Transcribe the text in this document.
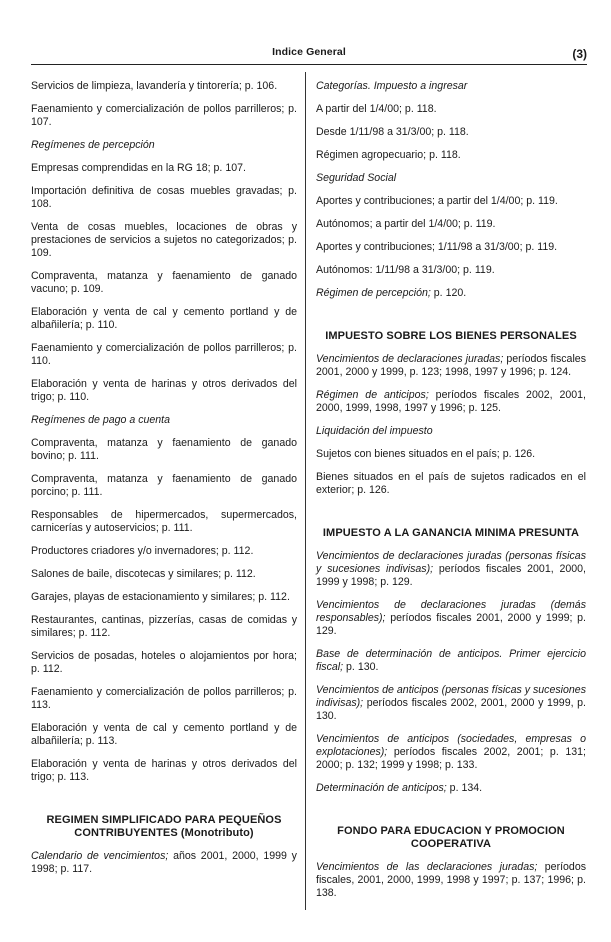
Indice General	(3)
Servicios de limpieza, lavandería y tintorería; p. 106.
Faenamiento y comercialización de pollos parrilleros; p. 107.
Regímenes de percepción
Empresas comprendidas en la RG 18; p. 107.
Importación definitiva de cosas muebles gravadas; p. 108.
Venta de cosas muebles, locaciones de obras y prestaciones de servicios a sujetos no categorizados; p. 109.
Compraventa, matanza y faenamiento de ganado vacuno; p. 109.
Elaboración y venta de cal y cemento portland y de albañilería; p. 110.
Faenamiento y comercialización de pollos parrilleros; p. 110.
Elaboración y venta de harinas y otros derivados del trigo; p. 110.
Regímenes de pago a cuenta
Compraventa, matanza y faenamiento de ganado bovino; p. 111.
Compraventa, matanza y faenamiento de ganado porcino; p. 111.
Responsables de hipermercados, supermercados, carnicerías y autoservicios; p. 111.
Productores criadores y/o invernadores; p. 112.
Salones de baile, discotecas y similares; p. 112.
Garajes, playas de estacionamiento y similares; p. 112.
Restaurantes, cantinas, pizzerías, casas de comidas y similares; p. 112.
Servicios de posadas, hoteles o alojamientos por hora; p. 112.
Faenamiento y comercialización de pollos parrilleros; p. 113.
Elaboración y venta de cal y cemento portland y de albañilería; p. 113.
Elaboración y venta de harinas y otros derivados del trigo; p. 113.
REGIMEN SIMPLIFICADO PARA PEQUEÑOS CONTRIBUYENTES (Monotributo)
Calendario de vencimientos; años 2001, 2000, 1999 y 1998; p. 117.
Categorías. Impuesto a ingresar
A partir del 1/4/00; p. 118.
Desde 1/11/98 a 31/3/00; p. 118.
Régimen agropecuario; p. 118.
Seguridad Social
Aportes y contribuciones; a partir del 1/4/00; p. 119.
Autónomos; a partir del 1/4/00; p. 119.
Aportes y contribuciones; 1/11/98 a 31/3/00; p. 119.
Autónomos: 1/11/98 a 31/3/00; p. 119.
Régimen de percepción; p. 120.
IMPUESTO SOBRE LOS BIENES PERSONALES
Vencimientos de declaraciones juradas; períodos fiscales 2001, 2000 y 1999, p. 123; 1998, 1997 y 1996; p. 124.
Régimen de anticipos; períodos fiscales 2002, 2001, 2000, 1999, 1998, 1997 y 1996; p. 125.
Liquidación del impuesto
Sujetos con bienes situados en el país; p. 126.
Bienes situados en el país de sujetos radicados en el exterior; p. 126.
IMPUESTO A LA GANANCIA MINIMA PRESUNTA
Vencimientos de declaraciones juradas (personas físicas y sucesiones indivisas); períodos fiscales 2001, 2000, 1999 y 1998; p. 129.
Vencimientos de declaraciones juradas (demás responsables); períodos fiscales 2001, 2000 y 1999; p. 129.
Base de determinación de anticipos. Primer ejercicio fiscal; p. 130.
Vencimientos de anticipos (personas físicas y sucesiones indivisas); períodos fiscales 2002, 2001, 2000 y 1999, p. 130.
Vencimientos de anticipos (sociedades, empresas o explotaciones); períodos fiscales 2002, 2001; p. 131; 2000; p. 132; 1999 y 1998; p. 133.
Determinación de anticipos; p. 134.
FONDO PARA EDUCACION Y PROMOCION COOPERATIVA
Vencimientos de las declaraciones juradas; períodos fiscales, 2001, 2000, 1999, 1998 y 1997; p. 137; 1996; p. 138.
